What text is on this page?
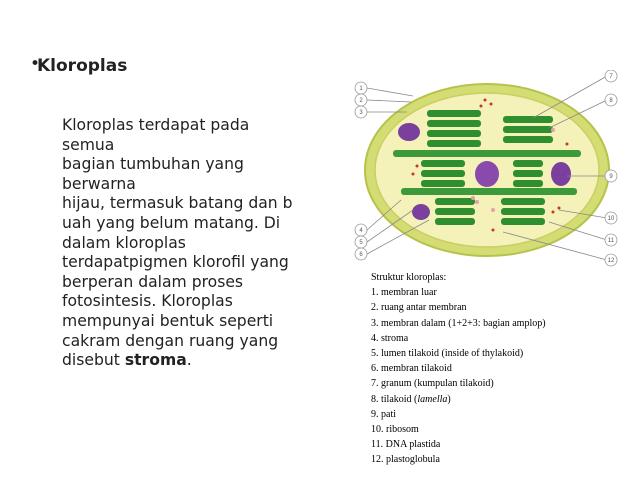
•
Kloroplas
Kloroplas terdapat pada
semua
bagian tumbuhan yang
berwarna
hijau, termasuk batang dan b
uah yang belum matang. Di
dalam kloroplas
terdapatpigmen klorofil yang
berperan dalam proses
fotosintesis. Kloroplas
mempunyai bentuk seperti
cakram dengan ruang yang
disebut stroma.
1
2
3
4
5
6
7
8
9
10
11
12
Struktur kloroplas:
1. membran luar
2. ruang antar membran
3. membran dalam (1+2+3: bagian amplop)
4. stroma
5. lumen tilakoid (inside of thylakoid)
6. membran tilakoid
7. granum (kumpulan tilakoid)
8. tilakoid (lamella)
9. pati
10. ribosom
11. DNA plastida
12. plastoglobula
